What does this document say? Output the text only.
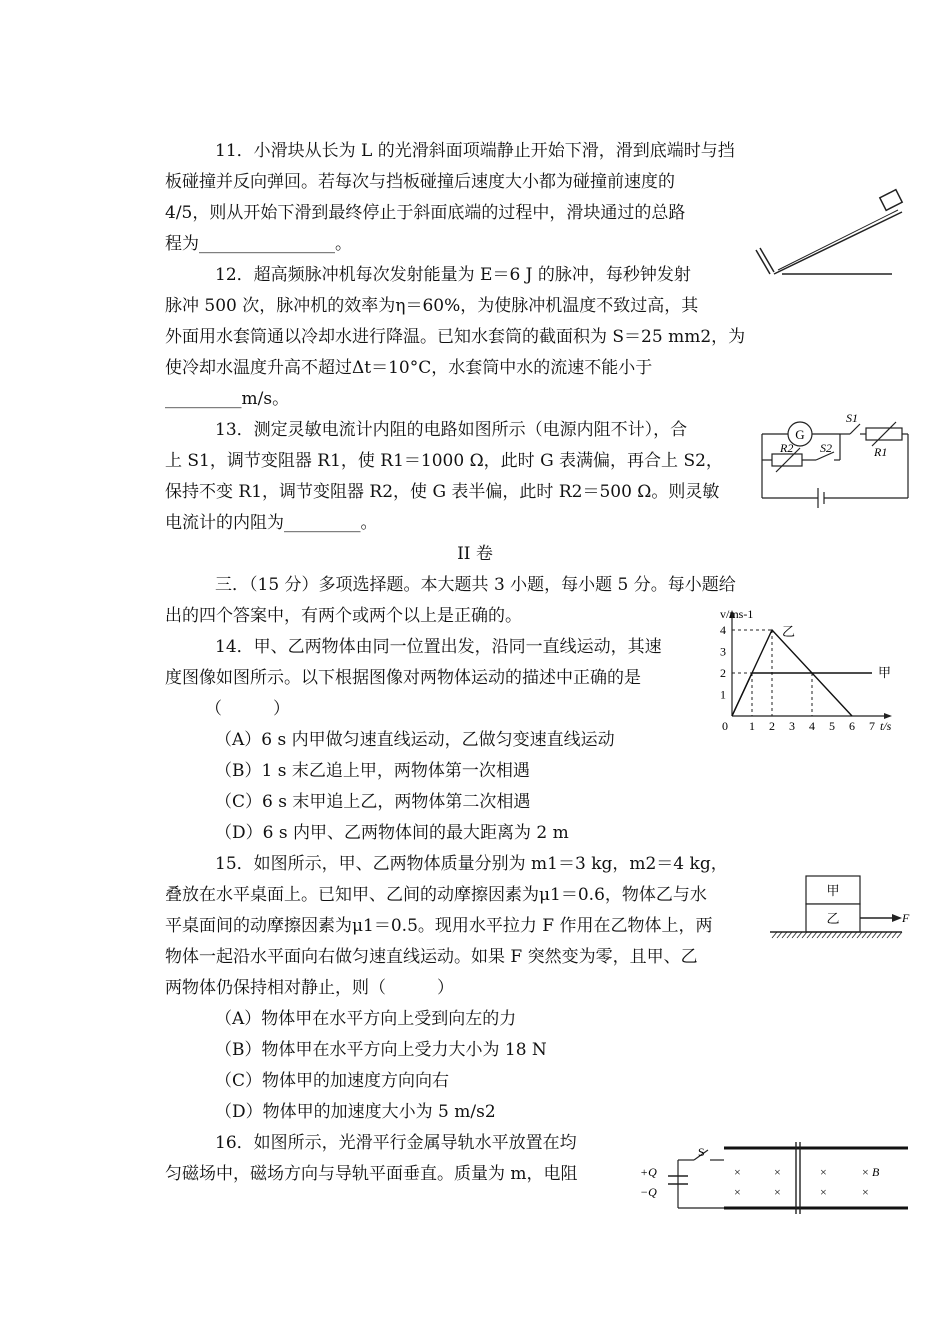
11．小滑块从长为 L 的光滑斜面项端静止开始下滑，滑到底端时与挡
板碰撞并反向弹回。若每次与挡板碰撞后速度大小都为碰撞前速度的
4/5，则从开始下滑到最终停止于斜面底端的过程中，滑块通过的总路
程为________________。
12．超高频脉冲机每次发射能量为 E＝6 J 的脉冲，每秒钟发射
脉冲 500 次，脉冲机的效率为η＝60%，为使脉冲机温度不致过高，其
外面用水套筒通以冷却水进行降温。已知水套筒的截面积为 S＝25 mm2，为
使冷却水温度升高不超过Δt＝10°C，水套筒中水的流速不能小于
_________m/s。
13．测定灵敏电流计内阻的电路如图所示（电源内阻不计），合
上 S1，调节变阻器 R1，使 R1＝1000 Ω，此时 G 表满偏，再合上 S2，
保持不变 R1，调节变阻器 R2，使 G 表半偏，此时 R2＝500 Ω。则灵敏
电流计的内阻为_________。
G
S1
S2	R1
R2
II 卷
三．（15 分）多项选择题。本大题共 3 小题，每小题 5 分。每小题给
出的四个答案中，有两个或两个以上是正确的。
14．甲、乙两物体由同一位置出发，沿同一直线运动，其速
度图像如图所示。以下根据图像对两物体运动的描述中正确的是
（　　　）
（A）6 s 内甲做匀速直线运动，乙做匀变速直线运动
（B）1 s 末乙追上甲，两物体第一次相遇
（C）6 s 末甲追上乙，两物体第二次相遇
（D）6 s 内甲、乙两物体间的最大距离为 2 m
0 1 2 3 4 5 6 7
1
2
3
4
t/s
v/ms-1
甲
乙
15．如图所示，甲、乙两物体质量分别为 m1＝3 kg，m2＝4 kg，
叠放在水平桌面上。已知甲、乙间的动摩擦因素为μ1＝0.6，物体乙与水
平桌面间的动摩擦因素为μ1＝0.5。现用水平拉力 F 作用在乙物体上，两
物体一起沿水平面向右做匀速直线运动。如果 F 突然变为零，且甲、乙
两物体仍保持相对静止，则（　　　）
（A）物体甲在水平方向上受到向左的力
（B）物体甲在水平方向上受力大小为 18 N
（C）物体甲的加速度方向向右
（D）物体甲的加速度大小为 5 m/s2
甲
乙	F
16．如图所示，光滑平行金属导轨水平放置在均
匀磁场中，磁场方向与导轨平面垂直。质量为 m，电阻
S
+Q
−Q
×	×	×	×
×	×	×	×
B
